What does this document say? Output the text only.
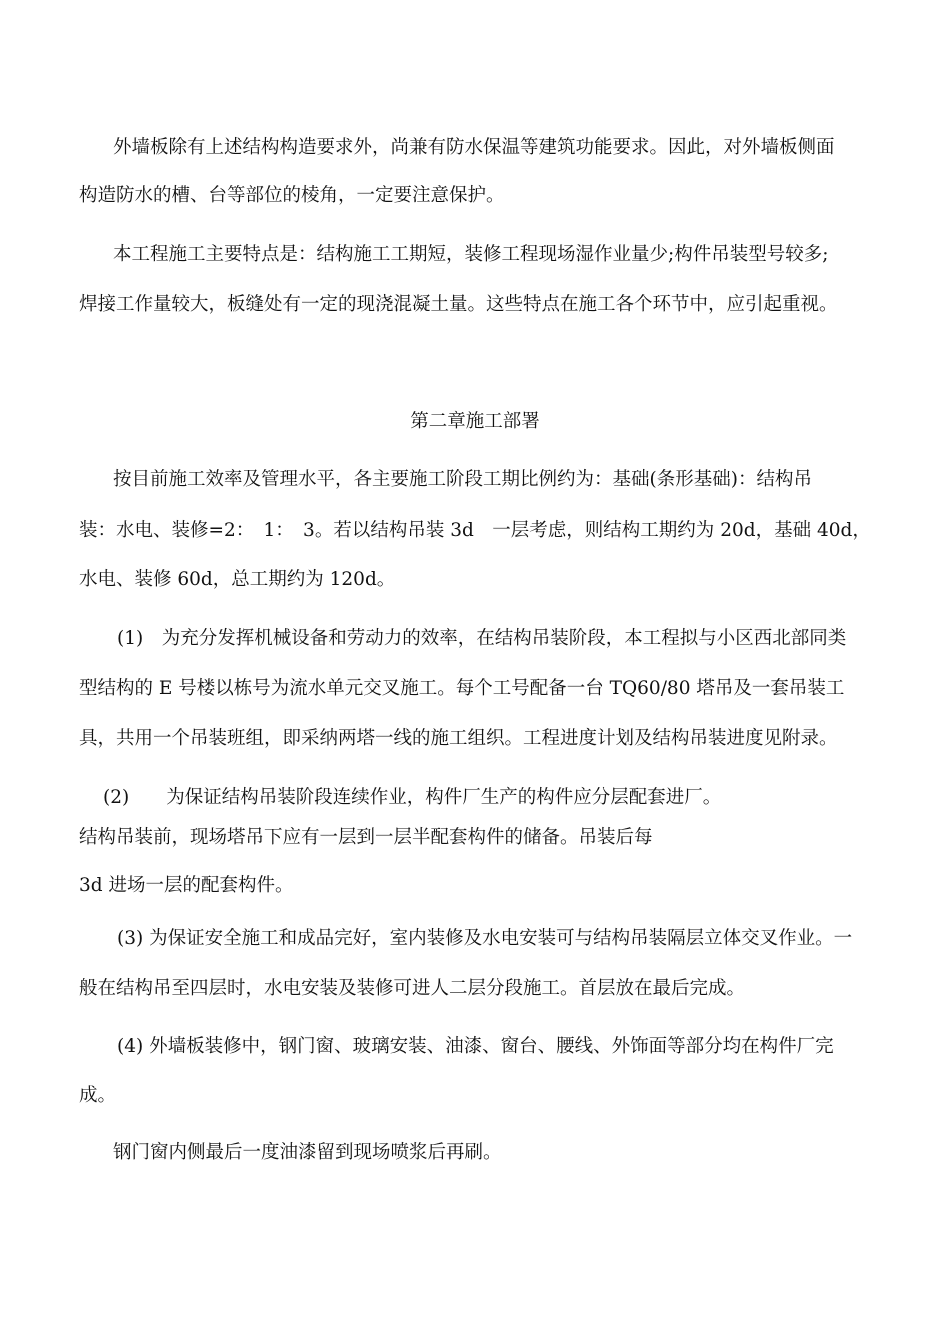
外墙板除有上述结构构造要求外，尚兼有防水保温等建筑功能要求。因此，对外墙板侧面

构造防水的槽、台等部位的棱角，一定要注意保护。

本工程施工主要特点是：结构施工工期短，装修工程现场湿作业量少;构件吊装型号较多;

焊接工作量较大，板缝处有一定的现浇混凝土量。这些特点在施工各个环节中，应引起重视。

第二章施工部署

按目前施工效率及管理水平，各主要施工阶段工期比例约为：基础(条形基础)：结构吊

装：水电、装修=2：　1：　3。若以结构吊装 3d　一层考虑，则结构工期约为 20d，基础 40d，

水电、装修 60d，总工期约为 120d。

(1)　为充分发挥机械设备和劳动力的效率，在结构吊装阶段，本工程拟与小区西北部同类

型结构的 E 号楼以栋号为流水单元交叉施工。每个工号配备一台 TQ60/80 塔吊及一套吊装工

具，共用一个吊装班组，即采纳两塔一线的施工组织。工程进度计划及结构吊装进度见附录。

(2)　　为保证结构吊装阶段连续作业，构件厂生产的构件应分层配套进厂。

结构吊装前，现场塔吊下应有一层到一层半配套构件的储备。吊装后每

3d 进场一层的配套构件。

(3) 为保证安全施工和成品完好，室内装修及水电安装可与结构吊装隔层立体交叉作业。一

般在结构吊至四层时，水电安装及装修可进人二层分段施工。首层放在最后完成。

(4) 外墙板装修中，钢门窗、玻璃安装、油漆、窗台、腰线、外饰面等部分均在构件厂完

成。

钢门窗内侧最后一度油漆留到现场喷浆后再刷。
